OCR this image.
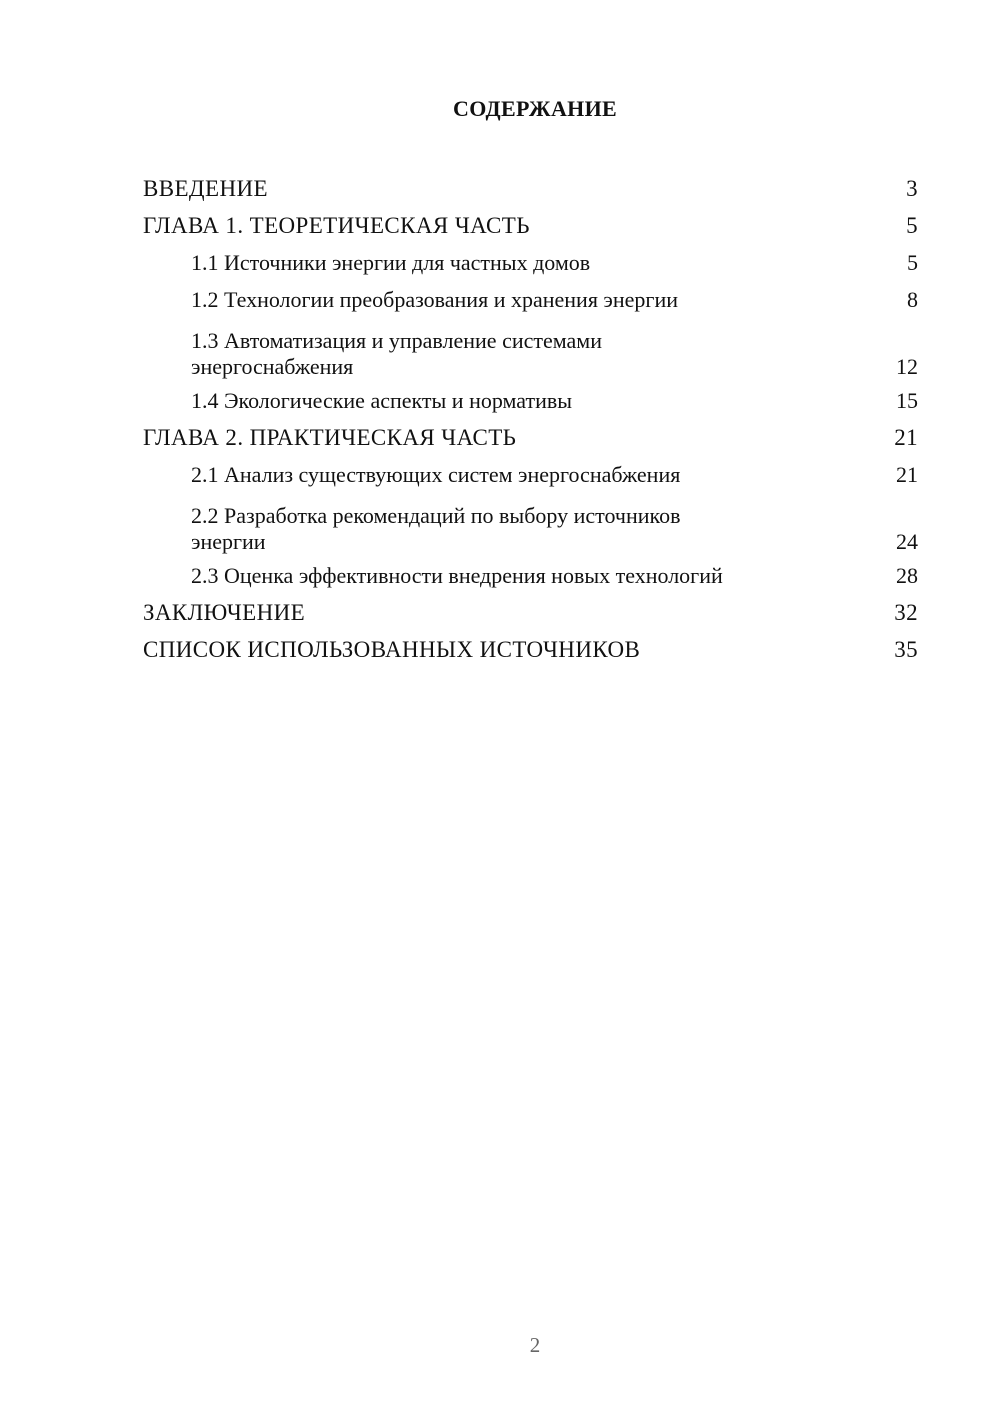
СОДЕРЖАНИЕ
ВВЕДЕНИЕ	3
ГЛАВА 1. ТЕОРЕТИЧЕСКАЯ ЧАСТЬ	5
1.1 Источники энергии для частных домов	5
1.2 Технологии преобразования и хранения энергии	8
1.3 Автоматизация и управление системами энергоснабжения	12
1.4 Экологические аспекты и нормативы	15
ГЛАВА 2. ПРАКТИЧЕСКАЯ ЧАСТЬ	21
2.1 Анализ существующих систем энергоснабжения	21
2.2 Разработка рекомендаций по выбору источников энергии	24
2.3 Оценка эффективности внедрения новых технологий	28
ЗАКЛЮЧЕНИЕ	32
СПИСОК ИСПОЛЬЗОВАННЫХ ИСТОЧНИКОВ	35
2
